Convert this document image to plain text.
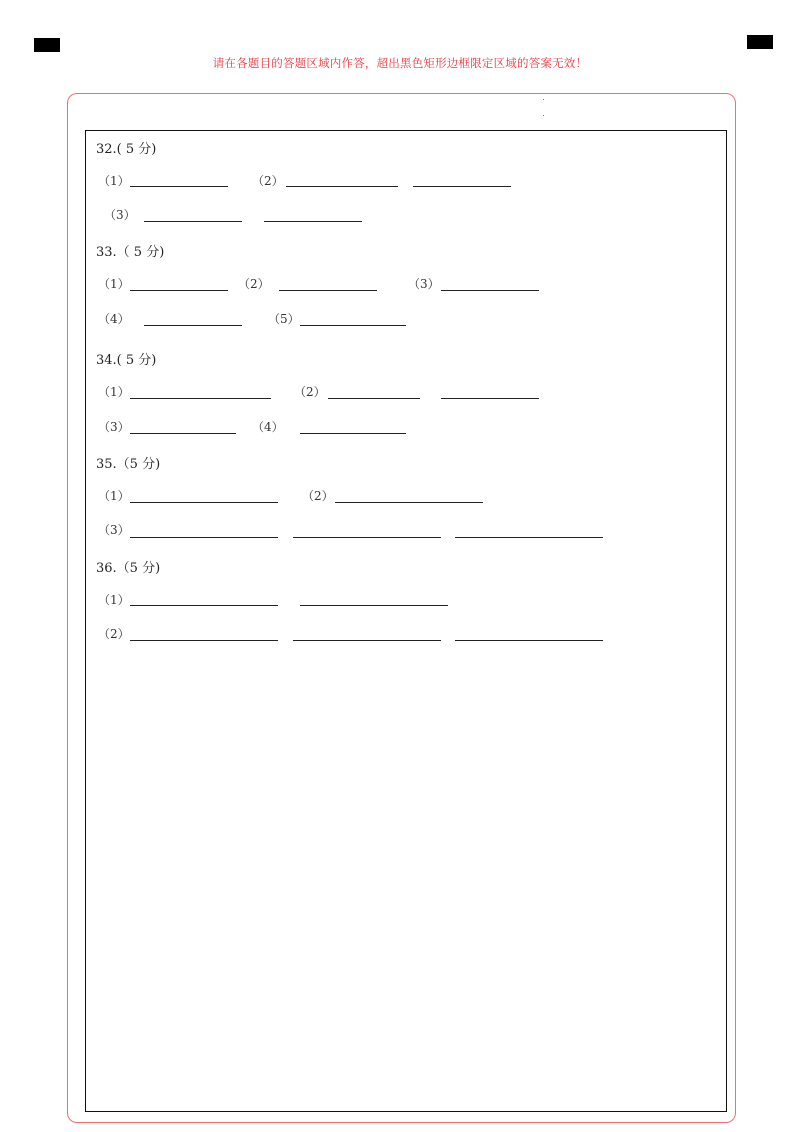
请在各题目的答题区域内作答，超出黑色矩形边框限定区域的答案无效！
32.( 5 分)
（1）	（2）
（3）
33.（ 5 分)
（1）	（2）	（3）
（4）	（5）
34.( 5 分)
（1）	（2）
（3）	（4）
35.（5 分)
（1）	（2）
（3）
36.（5 分)
（1）
（2）
